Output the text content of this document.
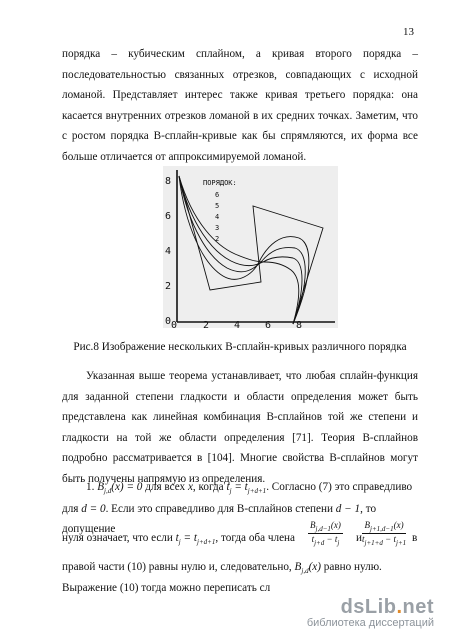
13
порядка – кубическим сплайном, а кривая второго порядка – последовательностью связанных отрезков, совпадающих с исходной ломаной. Представляет интерес также кривая третьего порядка: она касается внутренних отрезков ломаной в их средних точках. Заметим, что с ростом порядка B-сплайн-кривые как бы спрямляются, их форма все больше отличается от аппроксимируемой ломаной.
0
2
4
6
8
0	2 4 6 8
ПОРЯДОК:
6
5
4
3
2
Рис.8 Изображение нескольких B-сплайн-кривых различного порядка
Указанная выше теорема устанавливает, что любая сплайн-функция для заданной степени гладкости и области определения может быть представлена как линейная комбинация B-сплайнов той же степени и гладкости на той же области определения [71]. Теория B-сплайнов подробно рассматривается в [104]. Многие свойства B-сплайнов могут быть получены напрямую из определения.
1. $B_{j,d}(x) = 0$ для всех x, когда $t_j = t_{j+d+1}$. Согласно (7) это справедливо
для d = 0. Если это справедливо для B-сплайнов степени d − 1, то допущение
нуля означает, что если $t_j = t_{j+d+1}$, тогда оба члена	$\frac{B_{j,d-1}(x)}{t_{j+d} - t_j}$ и $\frac{B_{j+1,d-1}(x)}{t_{j+1+d} - t_{j+1}}$ в
правой части (10) равны нулю и, следовательно, $B_{j,d}(x)$ равно нулю.
Выражение (10) тогда можно переписать сл
dsLib.net
библиотека диссертаций
